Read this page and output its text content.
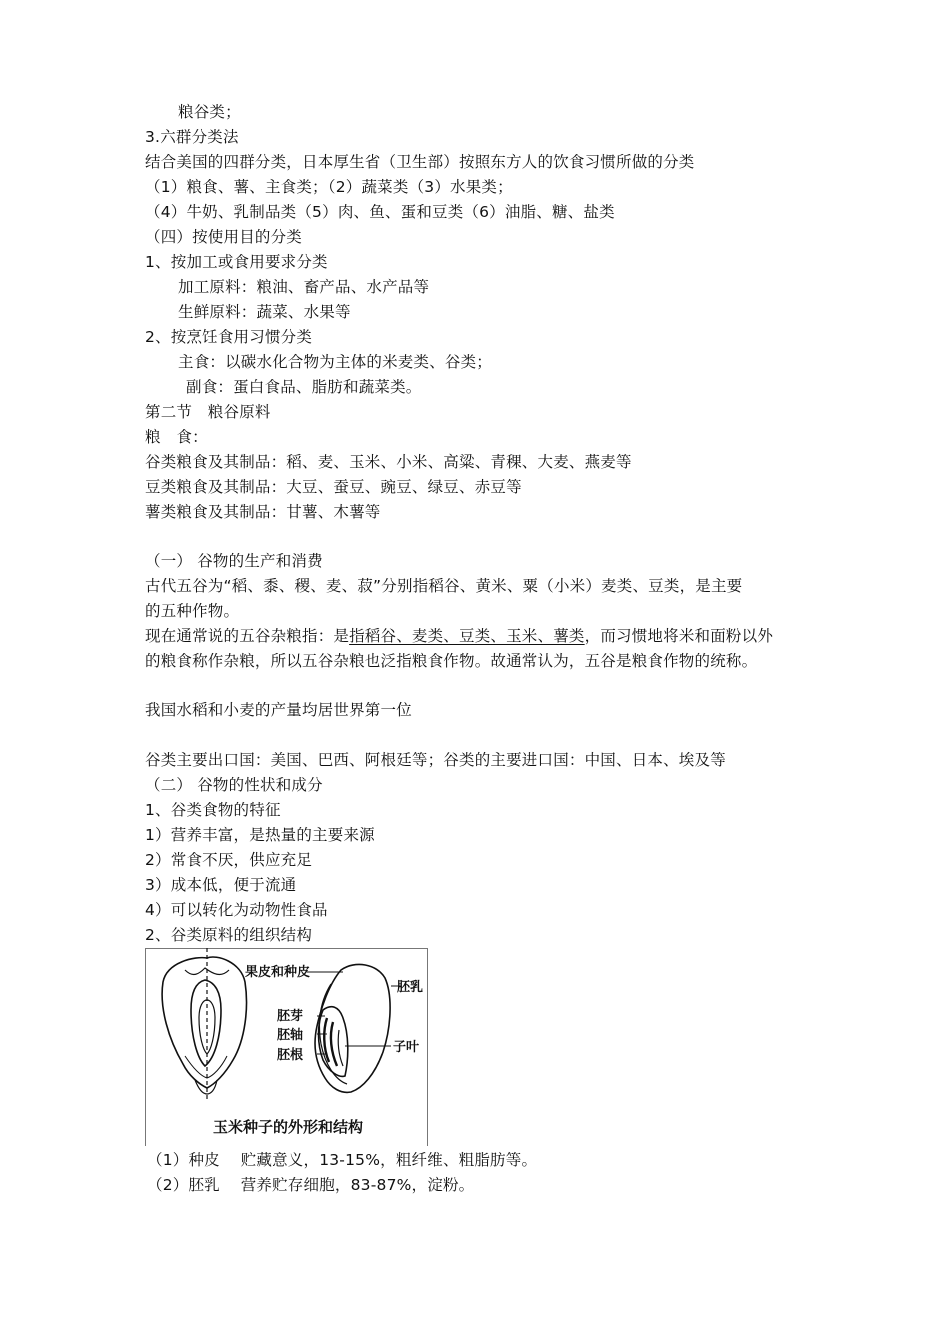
粮谷类；
3.六群分类法
结合美国的四群分类，日本厚生省（卫生部）按照东方人的饮食习惯所做的分类
（1）粮食、薯、主食类；（2）蔬菜类（3）水果类；
（4）牛奶、乳制品类（5）肉、鱼、蛋和豆类（6）油脂、糖、盐类
（四）按使用目的分类
1、按加工或食用要求分类
加工原料：粮油、畜产品、水产品等
生鲜原料：蔬菜、水果等
2、按烹饪食用习惯分类
主食：以碳水化合物为主体的米麦类、谷类；
副食：蛋白食品、脂肪和蔬菜类。
第二节　粮谷原料
粮　食：
谷类粮食及其制品：稻、麦、玉米、小米、高粱、青稞、大麦、燕麦等
豆类粮食及其制品：大豆、蚕豆、豌豆、绿豆、赤豆等
薯类粮食及其制品：甘薯、木薯等
（一） 谷物的生产和消费
古代五谷为“稻、黍、稷、麦、菽”分别指稻谷、黄米、粟（小米）麦类、豆类，是主要
的五种作物。
现在通常说的五谷杂粮指：是指稻谷、麦类、豆类、玉米、薯类，而习惯地将米和面粉以外
的粮食称作杂粮，所以五谷杂粮也泛指粮食作物。故通常认为，五谷是粮食作物的统称。
我国水稻和小麦的产量均居世界第一位
谷类主要出口国：美国、巴西、阿根廷等；谷类的主要进口国：中国、日本、埃及等
（二） 谷物的性状和成分
1、谷类食物的特征
1）营养丰富，是热量的主要来源
2）常食不厌，供应充足
3）成本低，便于流通
4）可以转化为动物性食品
2、谷类原料的组织结构
果皮和种皮
胚乳
胚芽
胚轴
胚根
子叶
玉米种子的外形和结构
（1）种皮　 贮藏意义，13-15%，粗纤维、粗脂肪等。
（2）胚乳　 营养贮存细胞，83-87%，淀粉。
